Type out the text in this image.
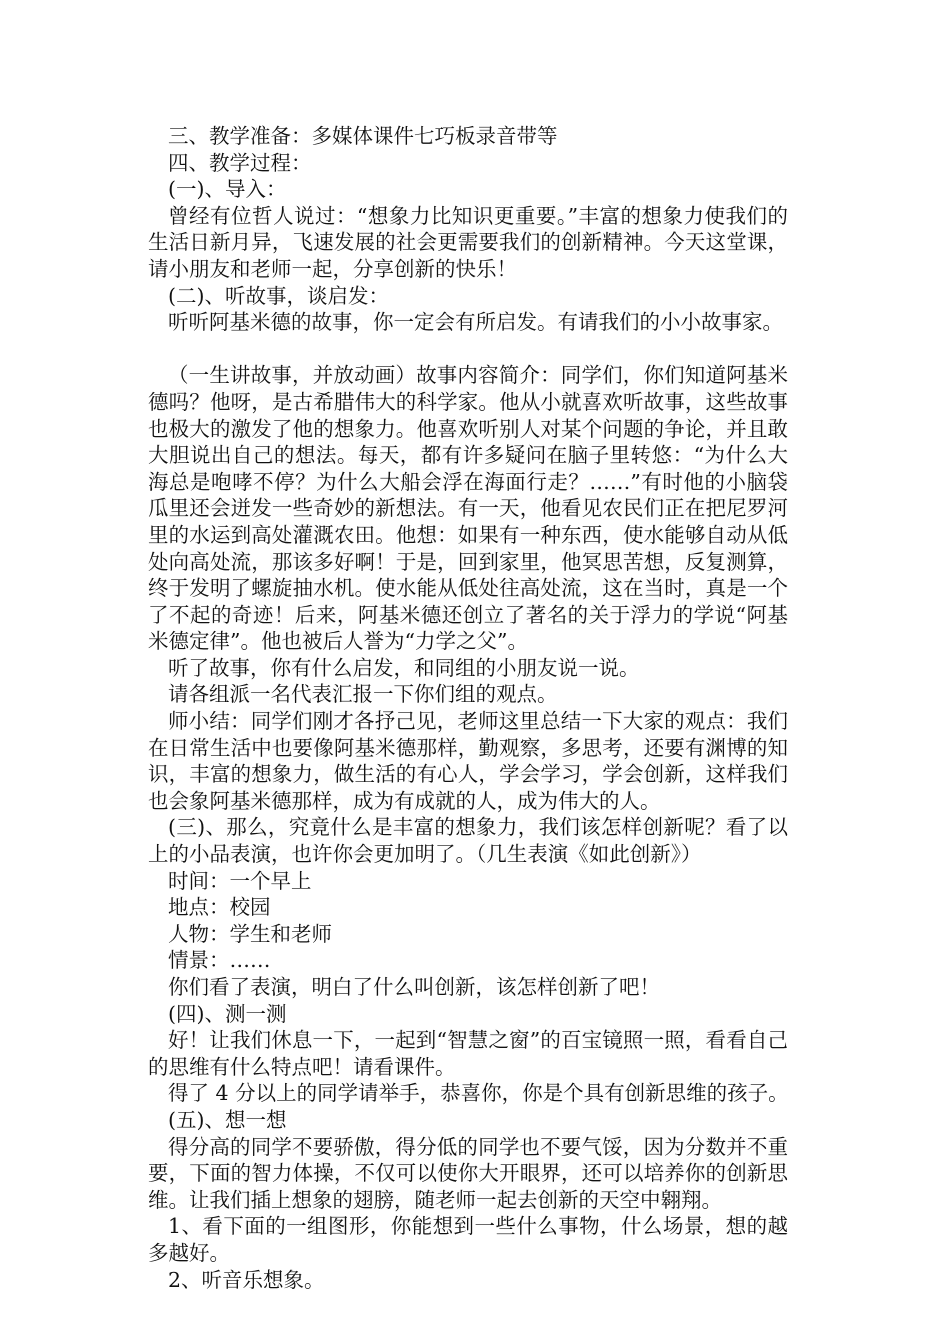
三、教学准备：多媒体课件七巧板录音带等
四、教学过程：
(一)、导入：
曾经有位哲人说过：“想象力比知识更重要。”丰富的想象力使我们的生活日新月异，飞速发展的社会更需要我们的创新精神。今天这堂课，请小朋友和老师一起，分享创新的快乐！
(二)、听故事，谈启发：
听听阿基米德的故事，你一定会有所启发。有请我们的小小故事家。
（一生讲故事，并放动画）故事内容简介：同学们，你们知道阿基米德吗？他呀，是古希腊伟大的科学家。他从小就喜欢听故事，这些故事也极大的激发了他的想象力。他喜欢听别人对某个问题的争论，并且敢大胆说出自己的想法。每天，都有许多疑问在脑子里转悠：“为什么大海总是咆哮不停？为什么大船会浮在海面行走？……”有时他的小脑袋瓜里还会迸发一些奇妙的新想法。有一天，他看见农民们正在把尼罗河里的水运到高处灌溉农田。他想：如果有一种东西，使水能够自动从低处向高处流，那该多好啊！于是，回到家里，他冥思苦想，反复测算，终于发明了螺旋抽水机。使水能从低处往高处流，这在当时，真是一个了不起的奇迹！后来，阿基米德还创立了著名的关于浮力的学说“阿基米德定律”。他也被后人誉为“力学之父”。
听了故事，你有什么启发，和同组的小朋友说一说。
请各组派一名代表汇报一下你们组的观点。
师小结：同学们刚才各抒己见，老师这里总结一下大家的观点：我们在日常生活中也要像阿基米德那样，勤观察，多思考，还要有渊博的知识，丰富的想象力，做生活的有心人，学会学习，学会创新，这样我们也会象阿基米德那样，成为有成就的人，成为伟大的人。
(三)、那么，究竟什么是丰富的想象力，我们该怎样创新呢？看了以上的小品表演，也许你会更加明了。（几生表演《如此创新》）
时间：一个早上
地点：校园
人物：学生和老师
情景：……
你们看了表演，明白了什么叫创新，该怎样创新了吧！
(四)、测一测
好！让我们休息一下，一起到“智慧之窗”的百宝镜照一照，看看自己的思维有什么特点吧！请看课件。
得了 4 分以上的同学请举手，恭喜你，你是个具有创新思维的孩子。
(五)、想一想
得分高的同学不要骄傲，得分低的同学也不要气馁，因为分数并不重要，下面的智力体操，不仅可以使你大开眼界，还可以培养你的创新思维。让我们插上想象的翅膀，随老师一起去创新的天空中翱翔。
1、看下面的一组图形，你能想到一些什么事物，什么场景，想的越多越好。
2、听音乐想象。
